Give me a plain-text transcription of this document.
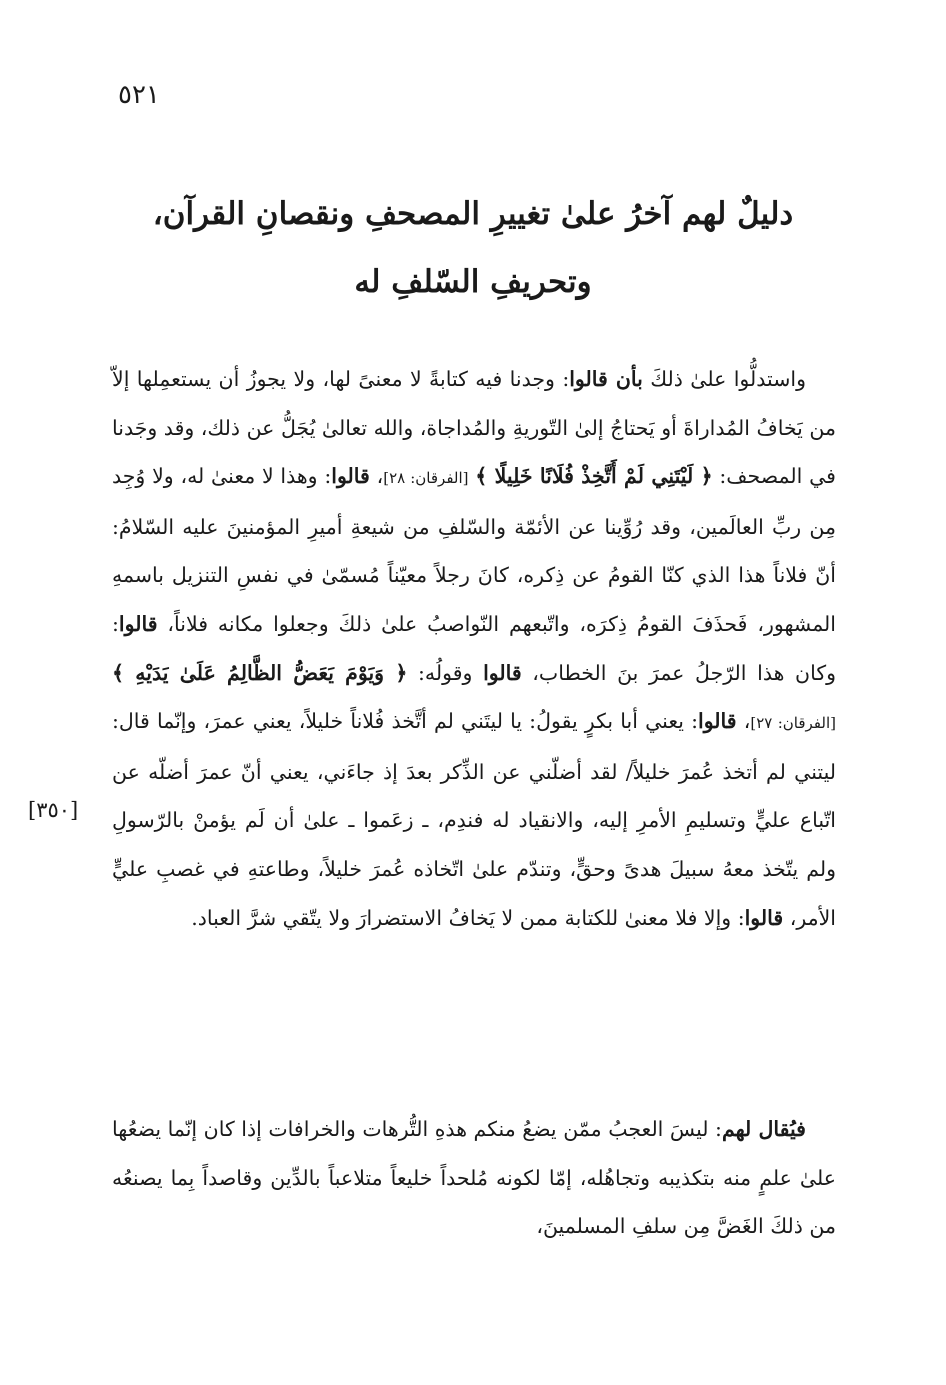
٥٢١
دليلٌ لهم آخرُ علىٰ تغييرِ المصحفِ ونقصانِ القرآن،
وتحريفِ السّلفِ له
[٣٥٠]

واستدلُّوا علىٰ ذلكَ بأن قالوا: وجدنا فيه كتابةً لا معنىً لها، ولا يجوزُ أن يستعمِلها إلاّ من يَخافُ المُداراةَ أو يَحتاجُ إلىٰ التّوريةِ والمُداجاة، والله تعالىٰ يُجَلُّ عن ذلك، وقد وجَدنا في المصحف: ﴿ لَيْتَنِي لَمْ أَتَّخِذْ فُلَانًا خَلِيلًا ﴾ [الفرقان: ٢٨]، قالوا: وهذا لا معنىٰ له، ولا وُجِد مِن ربِّ العالَمين، وقد رُوِّينا عن الأئمّة والسّلفِ من شيعةِ أميرِ المؤمنينَ عليه السّلامُ: أنّ فلاناً هذا الذي كنّا القومُ عن ذِكره، كانَ رجلاً معيّناً مُسمّىٰ في نفسِ التنزيل باسمهِ المشهور، فَحذَفَ القومُ ذِكرَه، واتّبعهم النّواصبُ علىٰ ذلكَ وجعلوا مكانه فلاناً، قالوا: وكان هذا الرّجلُ عمرَ بنَ الخطاب، قالوا وقولُه: ﴿ وَيَوْمَ يَعَضُّ الظَّالِمُ عَلَىٰ يَدَيْهِ ﴾ [الفرقان: ٢٧]، قالوا: يعني أبا بكرٍ يقولُ: يا ليتَني لم أتَّخذ فُلاناً خليلاً، يعني عمرَ، وإنّما قال: ليتني لم أتخذ عُمرَ خليلاً/ لقد أضلّني عن الذِّكر بعدَ إذ جاءَني، يعني أنّ عمرَ أضلّه عن اتّباع عليٍّ وتسليمِ الأمرِ إليه، والانقياد له فندِم، ـ زعَموا ـ علىٰ أن لَم يؤمنْ بالرّسولِ ولم يتّخذ معهُ سبيلَ هدىً وحقٍّ، وتندّم علىٰ اتّخاذه عُمرَ خليلاً، وطاعتهِ في غصبِ عليٍّ الأمر، قالوا: وإلا فلا معنىٰ للكتابة ممن لا يَخافُ الاستضرارَ ولا يتّقي شرَّ العباد.

فيُقال لهم: ليسَ العجبُ ممّن يضعُ منكم هذهِ التُّرهات والخرافات إذا كان إنّما يضعُها علىٰ علمٍ منه بتكذيبه وتجاهُله، إمّا لكونه مُلحداً خليعاً متلاعباً بالدِّين وقاصداً بِما يصنعُه من ذلكَ الغَضَّ مِن سلفِ المسلمينَ،
